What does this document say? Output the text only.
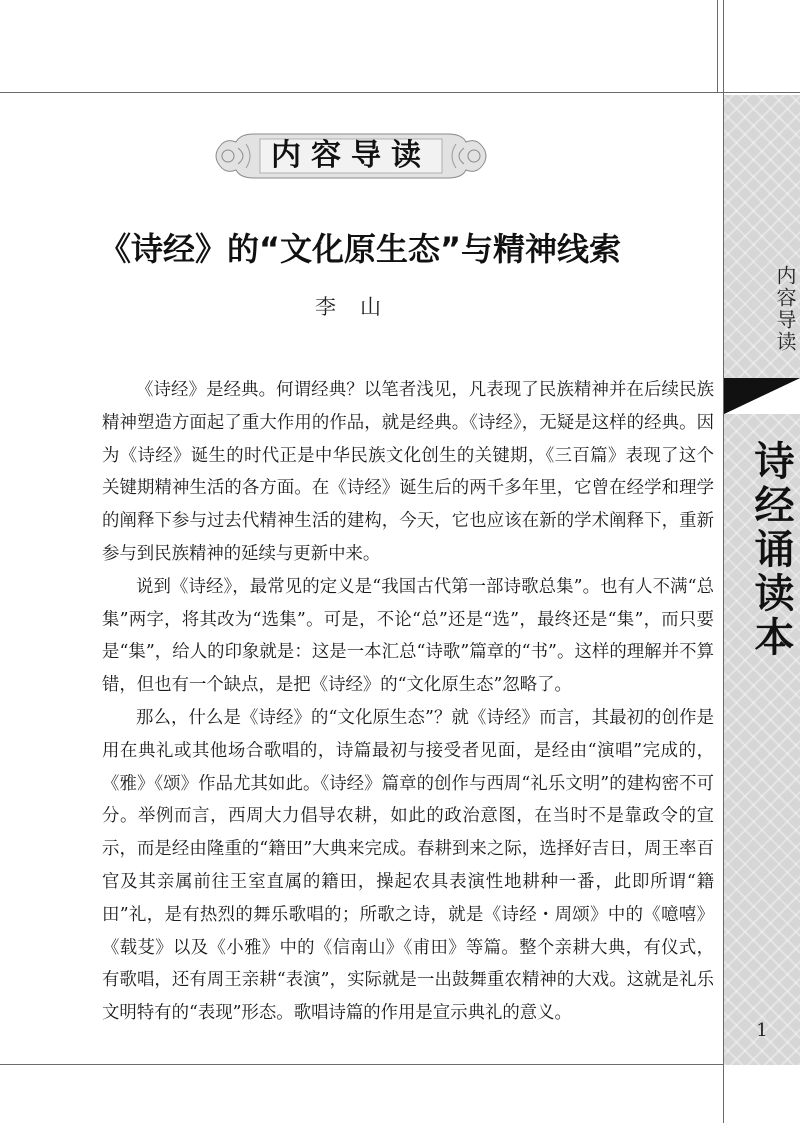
内容导读
诗经诵读本
1
内容导读
《诗经》的“文化原生态”与精神线索
李山

《诗经》是经典。何谓经典？以笔者浅见，凡表现了民族精神并在后续民族精神塑造方面起了重大作用的作品，就是经典。《诗经》，无疑是这样的经典。因为《诗经》诞生的时代正是中华民族文化创生的关键期，《三百篇》表现了这个关键期精神生活的各方面。在《诗经》诞生后的两千多年里，它曾在经学和理学的阐释下参与过去代精神生活的建构，今天，它也应该在新的学术阐释下，重新参与到民族精神的延续与更新中来。

说到《诗经》，最常见的定义是“我国古代第一部诗歌总集”。也有人不满“总集”两字，将其改为“选集”。可是，不论“总”还是“选”，最终还是“集”，而只要是“集”，给人的印象就是：这是一本汇总“诗歌”篇章的“书”。这样的理解并不算错，但也有一个缺点，是把《诗经》的“文化原生态”忽略了。

那么，什么是《诗经》的“文化原生态”？就《诗经》而言，其最初的创作是用在典礼或其他场合歌唱的，诗篇最初与接受者见面，是经由“演唱”完成的，《雅》《颂》作品尤其如此。《诗经》篇章的创作与西周“礼乐文明”的建构密不可分。举例而言，西周大力倡导农耕，如此的政治意图，在当时不是靠政令的宣示，而是经由隆重的“籍田”大典来完成。春耕到来之际，选择好吉日，周王率百官及其亲属前往王室直属的籍田，操起农具表演性地耕种一番，此即所谓“籍田”礼，是有热烈的舞乐歌唱的；所歌之诗，就是《诗经・周颂》中的《噫嘻》《载芟》以及《小雅》中的《信南山》《甫田》等篇。整个亲耕大典，有仪式，有歌唱，还有周王亲耕“表演”，实际就是一出鼓舞重农精神的大戏。这就是礼乐文明特有的“表现”形态。歌唱诗篇的作用是宣示典礼的意义。
